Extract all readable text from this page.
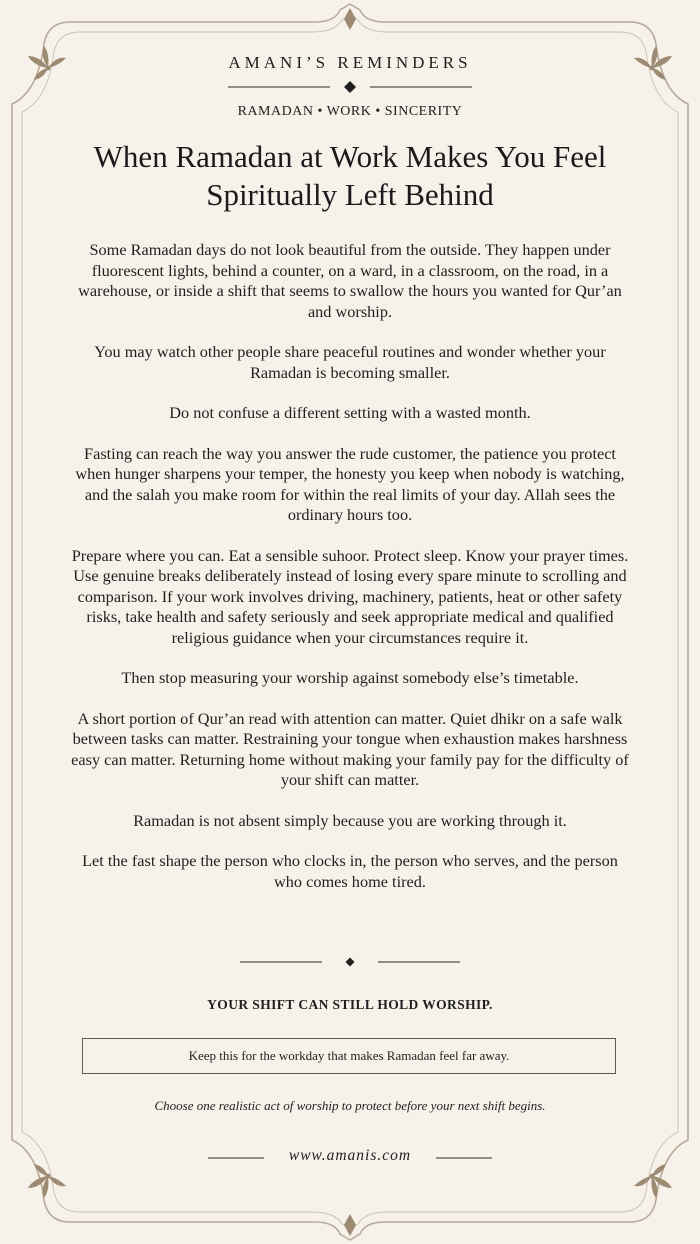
AMANI’S REMINDERS
RAMADAN • WORK • SINCERITY
When Ramadan at Work Makes You Feel Spiritually Left Behind

Some Ramadan days do not look beautiful from the outside. They happen under fluorescent lights, behind a counter, on a ward, in a classroom, on the road, in a warehouse, or inside a shift that seems to swallow the hours you wanted for Qur’an and worship.

You may watch other people share peaceful routines and wonder whether your Ramadan is becoming smaller.

Do not confuse a different setting with a wasted month.

Fasting can reach the way you answer the rude customer, the patience you protect when hunger sharpens your temper, the honesty you keep when nobody is watching, and the salah you make room for within the real limits of your day. Allah sees the ordinary hours too.

Prepare where you can. Eat a sensible suhoor. Protect sleep. Know your prayer times. Use genuine breaks deliberately instead of losing every spare minute to scrolling and comparison. If your work involves driving, machinery, patients, heat or other safety risks, take health and safety seriously and seek appropriate medical and qualified religious guidance when your circumstances require it.

Then stop measuring your worship against somebody else’s timetable.

A short portion of Qur’an read with attention can matter. Quiet dhikr on a safe walk between tasks can matter. Restraining your tongue when exhaustion makes harshness easy can matter. Returning home without making your family pay for the difficulty of your shift can matter.

Ramadan is not absent simply because you are working through it.

Let the fast shape the person who clocks in, the person who serves, and the person who comes home tired.

YOUR SHIFT CAN STILL HOLD WORSHIP.
Keep this for the workday that makes Ramadan feel far away.
Choose one realistic act of worship to protect before your next shift begins.
www.amanis.com
